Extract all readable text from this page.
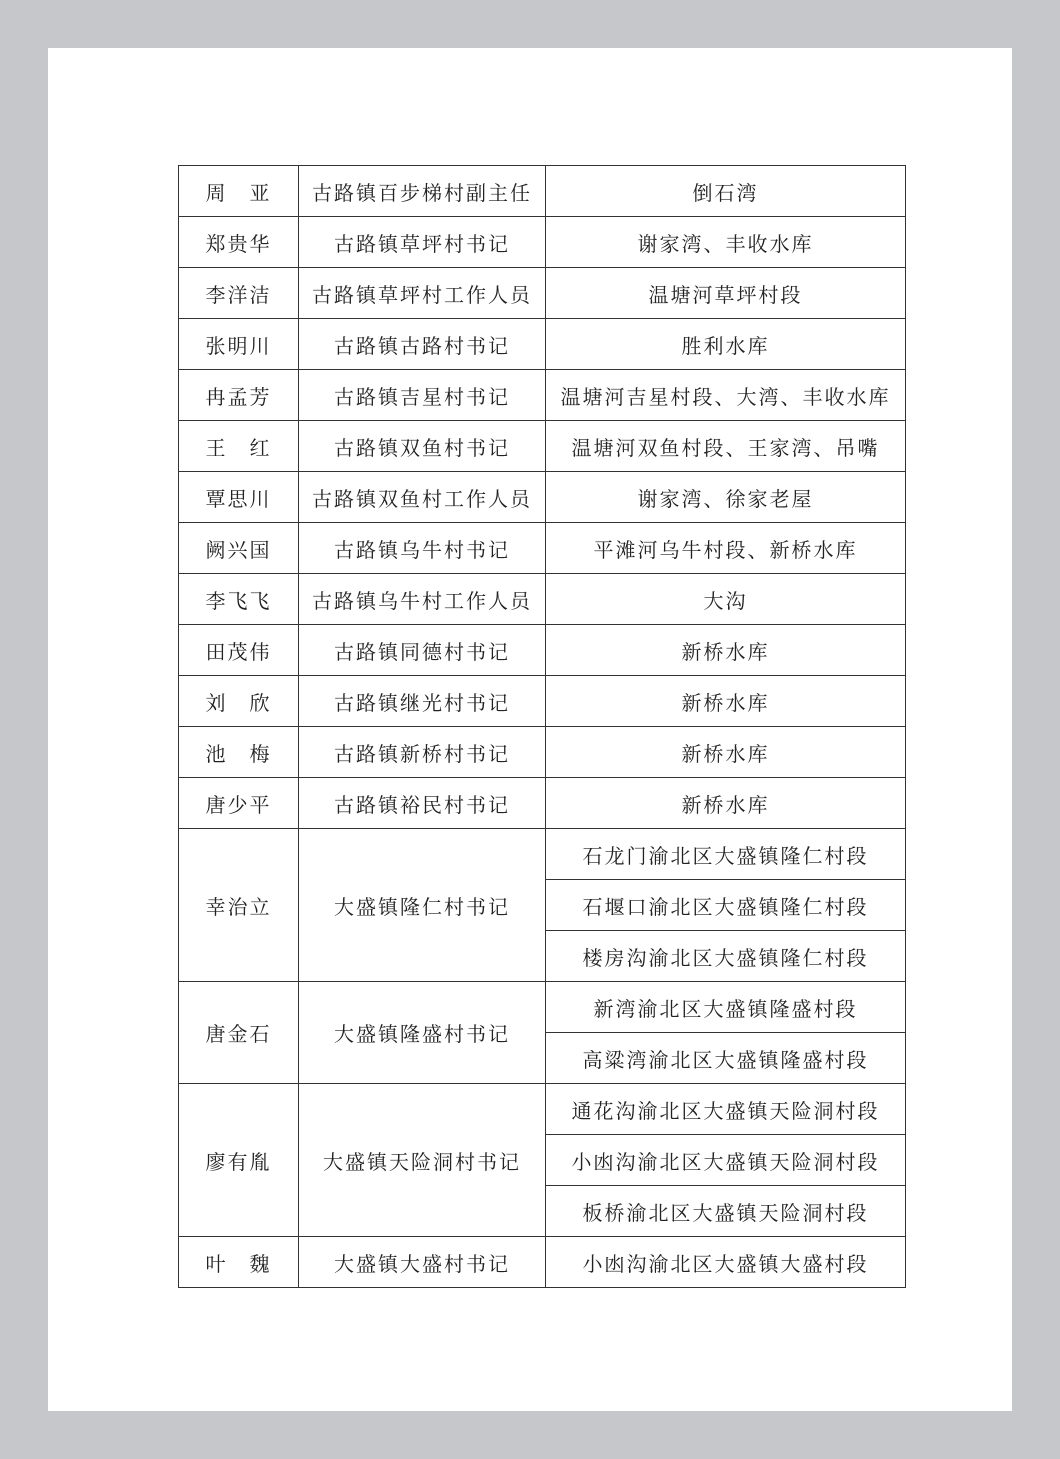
周　亚	古路镇百步梯村副主任	倒石湾
郑贵华	古路镇草坪村书记	谢家湾、丰收水库
李洋洁	古路镇草坪村工作人员	温塘河草坪村段
张明川	古路镇古路村书记	胜利水库
冉孟芳	古路镇吉星村书记	温塘河吉星村段、大湾、丰收水库
王　红	古路镇双鱼村书记	温塘河双鱼村段、王家湾、吊嘴
覃思川	古路镇双鱼村工作人员	谢家湾、徐家老屋
阙兴国	古路镇乌牛村书记	平滩河乌牛村段、新桥水库
李飞飞	古路镇乌牛村工作人员	大沟
田茂伟	古路镇同德村书记	新桥水库
刘　欣	古路镇继光村书记	新桥水库
池　梅	古路镇新桥村书记	新桥水库
唐少平	古路镇裕民村书记	新桥水库
幸治立	大盛镇隆仁村书记	石龙门渝北区大盛镇隆仁村段
		石堰口渝北区大盛镇隆仁村段
		楼房沟渝北区大盛镇隆仁村段
唐金石	大盛镇隆盛村书记	新湾渝北区大盛镇隆盛村段
		高粱湾渝北区大盛镇隆盛村段
廖有胤	大盛镇天险洞村书记	通花沟渝北区大盛镇天险洞村段
		小凼沟渝北区大盛镇天险洞村段
		板桥渝北区大盛镇天险洞村段
叶　魏	大盛镇大盛村书记	小凼沟渝北区大盛镇大盛村段
